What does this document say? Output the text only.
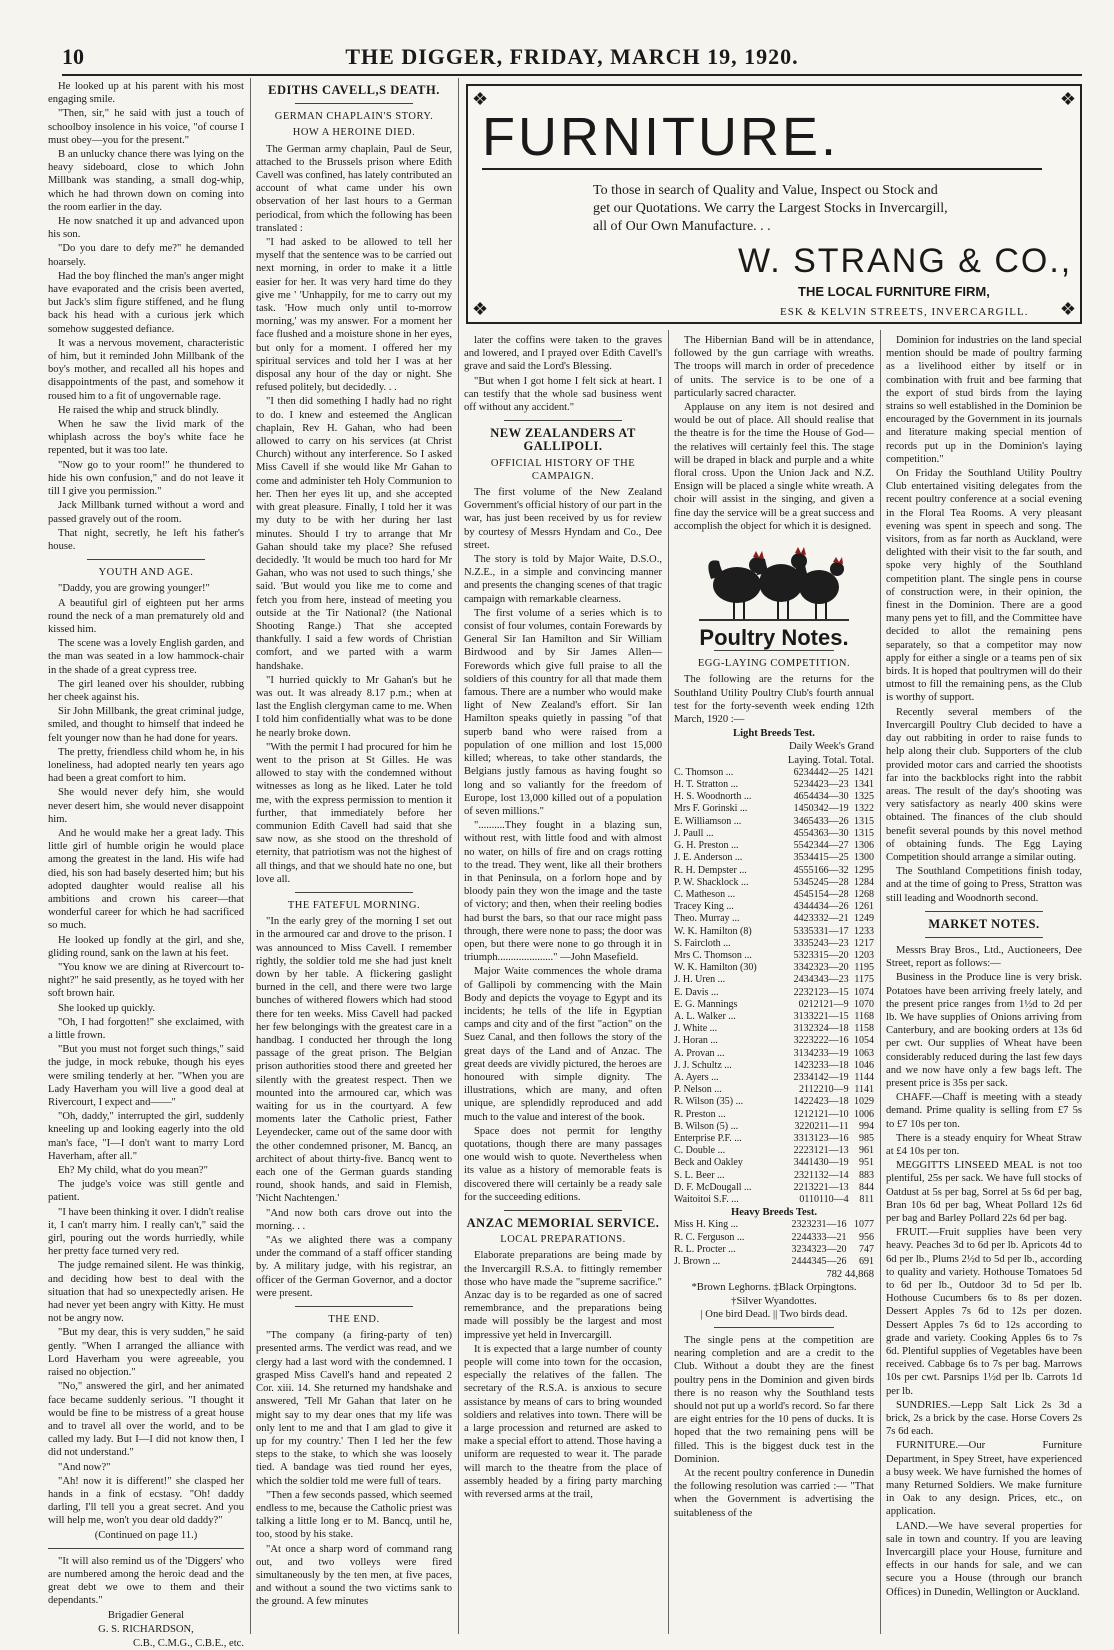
10	THE DIGGER, FRIDAY, MARCH 19, 1920.

He looked up at his parent with his most engaging smile.

"Then, sir," he said with just a touch of schoolboy insolence in his voice, "of course I must obey—you for the present."

B an unlucky chance there was lying on the heavy sideboard, close to which John Millbank was standing, a small dog-whip, which he had thrown down on coming into the room earlier in the day.

He now snatched it up and advanced upon his son.

"Do you dare to defy me?" he demanded hoarsely.

Had the boy flinched the man's anger might have evaporated and the crisis been averted, but Jack's slim figure stiffened, and he flung back his head with a curious jerk which somehow suggested defiance.

It was a nervous movement, characteristic of him, but it reminded John Millbank of the boy's mother, and recalled all his hopes and disappointments of the past, and somehow it roused him to a fit of ungovernable rage.

He raised the whip and struck blindly.

When he saw the livid mark of the whiplash across the boy's white face he repented, but it was too late.

"Now go to your room!" he thundered to hide his own confusion," and do not leave it till I give you permission."

Jack Millbank turned without a word and passed gravely out of the room.

That night, secretly, he left his father's house.

YOUTH AND AGE.

"Daddy, you are growing younger!"

A beautiful girl of eighteen put her arms round the neck of a man prematurely old and kissed him.

The scene was a lovely English garden, and the man was seated in a low hammock-chair in the shade of a great cypress tree.

The girl leaned over his shoulder, rubbing her cheek against his.

Sir John Millbank, the great criminal judge, smiled, and thought to himself that indeed he felt younger now than he had done for years.

The pretty, friendless child whom he, in his loneliness, had adopted nearly ten years ago had been a great comfort to him.

She would never defy him, she would never desert him, she would never disappoint him.

And he would make her a great lady. This little girl of humble origin he would place among the greatest in the land. His wife had died, his son had basely deserted him; but his adopted daughter would realise all his ambitions and crown his career—that wonderful career for which he had sacrificed so much.

He looked up fondly at the girl, and she, gliding round, sank on the lawn at his feet.

"You know we are dining at Rivercourt to-night?" he said presently, as he toyed with her soft brown hair.

She looked up quickly.

"Oh, I had forgotten!" she exclaimed, with a little frown.

"But you must not forget such things," said the judge, in mock rebuke, though his eyes were smiling tenderly at her. "When you are Lady Haverham you will live a good deal at Rivercourt, I expect and——"

"Oh, daddy," interrupted the girl, suddenly kneeling up and looking eagerly into the old man's face, "I—I don't want to marry Lord Haverham, after all."

Eh? My child, what do you mean?"

The judge's voice was still gentle and patient.

"I have been thinking it over. I didn't realise it, I can't marry him. I really can't," said the girl, pouring out the words hurriedly, while her pretty face turned very red.

The judge remained silent. He was thinkig, and deciding how best to deal with the situation that had so unexpectedly arisen. He had never yet been angry with Kitty. He must not be angry now.

"But my dear, this is very sudden," he said gently. "When I arranged the alliance with Lord Haverham you were agreeable, you raised no objection."

"No," answered the girl, and her animated face became suddenly serious. "I thought it would be fine to be mistress of a great house and to travel all over the world, and to be called my lady. But I—I did not know then, I did not understand."

"And now?"

"Ah! now it is different!" she clasped her hands in a fink of ecstasy. "Oh! daddy darling, I'll tell you a great secret. And you will help me, won't you dear old daddy?"

(Continued on page 11.)

"It will also remind us of the 'Diggers' who are numbered among the heroic dead and the great debt we owe to them and their dependants."

Brigadier General

G. S. RICHARDSON,

C.B., C.M.G., C.B.E., etc.

EDITHS CAVELL,S DEATH.
GERMAN CHAPLAIN'S STORY.
HOW A HEROINE DIED.

The German army chaplain, Paul de Seur, attached to the Brussels prison where Edith Cavell was confined, has lately contributed an account of what came under his own observation of her last hours to a German periodical, from which the following has been translated :

"I had asked to be allowed to tell her myself that the sentence was to be carried out next morning, in order to make it a little easier for her. It was very hard time do they give me ' 'Unhappily, for me to carry out my task. 'How much only until to-morrow morning,' was my answer. For a moment her face flushed and a moisture shone in her eyes, but only for a moment. I offered her my spiritual services and told her I was at her disposal any hour of the day or night. She refused politely, but decidedly. . .

"I then did something I hadly had no right to do. I knew and esteemed the Anglican chaplain, Rev H. Gahan, who had been allowed to carry on his services (at Christ Church) without any interference. So I asked Miss Cavell if she would like Mr Gahan to come and administer teh Holy Communion to her. Then her eyes lit up, and she accepted with great pleasure. Finally, I told her it was my duty to be with her during her last minutes. Should I try to arrange that Mr Gahan should take my place? She refused decidedly. 'It would be much too hard for Mr Gahan, who was not used to such things,' she said. 'But would you like me to come and fetch you from here, instead of meeting you outside at the Tir National? (the National Shooting Range.) That she accepted thankfully. I said a few words of Christian comfort, and we parted with a warm handshake.

"I hurried quickly to Mr Gahan's but he was out. It was already 8.17 p.m.; when at last the English clergyman came to me. When I told him confidentially what was to be done he nearly broke down.

"With the permit I had procured for him he went to the prison at St Gilles. He was allowed to stay with the condemned without witnesses as long as he liked. Later he told me, with the express permission to mention it further, that immediately before her communion Edith Cavell had said that she saw now, as she stood on the threshold of eternity, that patriotism was not the highest of all things, and that we should hate no one, but love all.

THE FATEFUL MORNING.

"In the early grey of the morning I set out in the armoured car and drove to the prison. I was announced to Miss Cavell. I remember rightly, the soldier told me she had just knelt down by her table. A flickering gaslight burned in the cell, and there were two large bunches of withered flowers which had stood there for ten weeks. Miss Cavell had packed her few belongings with the greatest care in a handbag. I conducted her through the long passage of the great prison. The Belgian prison authorities stood there and greeted her silently with the greatest respect. Then we mounted into the armoured car, which was waiting for us in the courtyard. A few moments later the Catholic priest, Father Leyendecker, came out of the same door with the other condemned prisoner, M. Bancq, an architect of about thirty-five. Bancq went to each one of the German guards standing round, shook hands, and said in Flemish, 'Nicht Nachtengen.'

"And now both cars drove out into the morning. . .

"As we alighted there was a company under the command of a staff officer standing by. A military judge, with his registrar, an officer of the German Governor, and a doctor were present.

THE END.

"The company (a firing-party of ten) presented arms. The verdict was read, and we clergy had a last word with the condemned. I grasped Miss Cavell's hand and repeated 2 Cor. xiii. 14. She returned my handshake and answered, 'Tell Mr Gahan that later on he might say to my dear ones that my life was only lent to me and that I am glad to give it up for my country.' Then I led her the few steps to the stake, to which she was loosely tied. A bandage was tied round her eyes, which the soldier told me were full of tears.

"Then a few seconds passed, which seemed endless to me, because the Catholic priest was talking a little long er to M. Bancq, until he, too, stood by his stake.

"At once a sharp word of command rang out, and two volleys were fired simultaneously by the ten men, at five paces, and without a sound the two victims sank to the ground. A few minutes

❖	❖
❖	❖
FURNITURE.
To those in search of Quality and Value, Inspect ou Stock and get our Quotations. We carry the Largest Stocks in Invercargill, all of Our Own Manufacture. . .
W. STRANG & CO.,
THE LOCAL FURNITURE FIRM,
ESK & KELVIN STREETS, INVERCARGILL.

later the coffins were taken to the graves and lowered, and I prayed over Edith Cavell's grave and said the Lord's Blessing.

"But when I got home I felt sick at heart. I can testify that the whole sad business went off without any accident."

NEW ZEALANDERS AT GALLIPOLI.
OFFICIAL HISTORY OF THE CAMPAIGN.

The first volume of the New Zealand Government's official history of our part in the war, has just been received by us for review by courtesy of Messrs Hyndam and Co., Dee street.

The story is told by Major Waite, D.S.O., N.Z.E., in a simple and convincing manner and presents the changing scenes of that tragic campaign with remarkable clearness.

The first volume of a series which is to consist of four volumes, contain Forewards by General Sir Ian Hamilton and Sir William Birdwood and by Sir James Allen—Forewords which give full praise to all the soldiers of this country for all that made them famous. There are a number who would make light of New Zealand's effort. Sir Ian Hamilton speaks quietly in passing "of that superb band who were raised from a population of one million and lost 15,000 killed; whereas, to take other standards, the Belgians justly famous as having fought so long and so valiantly for the freedom of Europe, lost 13,000 killed out of a population of seven millions."

"..........They fought in a blazing sun, without rest, with little food and with almost no water, on hills of fire and on crags rotting to the tread. They went, like all their brothers in that Peninsula, on a forlorn hope and by bloody pain they won the image and the taste of victory; and then, when their reeling bodies had burst the bars, so that our race might pass through, there were none to pass; the door was open, but there were none to go through it in triumph....................." —John Masefield.

Major Waite commences the whole drama of Gallipoli by commencing with the Main Body and depicts the voyage to Egypt and its incidents; he tells of the life in Egyptian camps and city and of the first "action" on the Suez Canal, and then follows the story of the great days of the Land and of Anzac. The great deeds are vividly pictured, the heroes are honoured with simple dignity. The illustrations, which are many, and often unique, are splendidly reproduced and add much to the value and interest of the book.

Space does not permit for lengthy quotations, though there are many passages one would wish to quote. Nevertheless when its value as a history of memorable feats is discovered there will certainly be a ready sale for the succeeding editions.

ANZAC MEMORIAL SERVICE.
LOCAL PREPARATIONS.

Elaborate preparations are being made by the Invercargill R.S.A. to fittingly remember those who have made the "supreme sacrifice." Anzac day is to be regarded as one of sacred remembrance, and the preparations being made will possibly be the largest and most impressive yet held in Invercargill.

It is expected that a large number of county people will come into town for the occasion, especially the relatives of the fallen. The secretary of the R.S.A. is anxious to secure assistance by means of cars to bring wounded soldiers and relatives into town. There will be a large procession and returned are asked to make a special effort to attend. Those having a uniform are requested to wear it. The parade will march to the theatre from the place of assembly headed by a firing party marching with reversed arms at the trail,

The Hibernian Band will be in attendance, followed by the gun carriage with wreaths. The troops will march in order of precedence of units. The service is to be one of a particularly sacred character.

Applause on any item is not desired and would be out of place. All should realise that the theatre is for the time the House of God—the relatives will certainly feel this. The stage will be draped in black and purple and a white floral cross. Upon the Union Jack and N.Z. Ensign will be placed a single white wreath. A choir will assist in the singing, and given a fine day the service will be a great success and accomplish the object for which it is designed.

Poultry Notes.
EGG-LAYING COMPETITION.

The following are the returns for the Southland Utility Poultry Club's fourth annual test for the forty-seventh week ending 12th March, 1920 :—

Light Breeds Test.
Daily Week's Grand
Laying. Total. Total.
C. Thomson ...	6234442—25	1421
H. T. Stratton ...	5234423—23	1341
H. S. Woodnorth ...	4654434—30	1325
Mrs F. Gorinski ...	1450342—19	1322
E. Williamson ...	3465433—26	1315
J. Paull ...	4554363—30	1315
G. H. Preston ...	5542344—27	1306
J. E. Anderson ...	3534415—25	1300
R. H. Dempster ...	4555166—32	1295
P. W. Shacklock ...	5345245—28	1284
C. Matheson ...	4545154—28	1268
Tracey King ...	4344434—26	1261
Theo. Murray ...	4423332—21	1249
W. K. Hamilton (8)	5335331—17	1233
S. Faircloth ...	3335243—23	1217
Mrs C. Thomson ...	5323315—20	1203
W. K. Hamilton (30)	3342323—20	1195
J. H. Uren ...	2434343—23	1175
E. Davis ...	2232123—15	1074
E. G. Mannings	0212121—9	1070
A. L. Walker ...	3133221—15	1168
J. White ...	3132324—18	1158
J. Horan ...	3223222—16	1054
A. Provan ...	3134233—19	1063
J. J. Schultz ...	1423233—18	1046
A. Ayers ...	2334142—19	1144
P. Nelson ...	2112210—9	1141
R. Wilson (35) ...	1422423—18	1029
R. Preston ...	1212121—10	1006
B. Wilson (5) ...	3220211—11	994
Enterprise P.F. ...	3313123—16	985
C. Double ...	2223121—13	961
Beck and Oakley	3441430—19	951
S. L. Beer ...	2321132—14	883
D. F. McDougall ...	2213221—13	844
Waitoitoi S.F. ...	0110110—4	811
Heavy Breeds Test.
Miss H. King ...	2323231—16	1077
R. C. Ferguson ...	2244333—21	956
R. L. Procter ...	3234323—20	747
J. Brown ...	2444345—26	691
782 44,868
*Brown Leghorns. ‡Black Orpingtons.
†Silver Wyandottes.
| One bird Dead. || Two birds dead.

The single pens at the competition are nearing completion and are a credit to the Club. Without a doubt they are the finest poultry pens in the Dominion and given birds there is no reason why the Southland tests should not put up a world's record. So far there are eight entries for the 10 pens of ducks. It is hoped that the two remaining pens will be filled. This is the biggest duck test in the Dominion.

At the recent poultry conference in Dunedin the following resolution was carried :— "That when the Government is advertising the suitableness of the

Dominion for industries on the land special mention should be made of poultry farming as a livelihood either by itself or in combination with fruit and bee farming that the export of stud birds from the laying strains so well established in the Dominion be encouraged by the Government in its journals and literature making special mention of records put up in the Dominion's laying competition."

On Friday the Southland Utility Poultry Club entertained visiting delegates from the recent poultry conference at a social evening in the Floral Tea Rooms. A very pleasant evening was spent in speech and song. The visitors, from as far north as Auckland, were delighted with their visit to the far south, and spoke very highly of the Southland competition plant. The single pens in course of construction were, in their opinion, the finest in the Dominion. There are a good many pens yet to fill, and the Committee have decided to allot the remaining pens separately, so that a competitor may now apply for either a single or a teams pen of six birds. It is hoped that poultrymen will do their utmost to fill the remaining pens, as the Club is worthy of support.

Recently several members of the Invercargill Poultry Club decided to have a day out rabbiting in order to raise funds to help along their club. Supporters of the club provided motor cars and carried the shootists far into the backblocks right into the rabbit areas. The result of the day's shooting was very satisfactory as nearly 400 skins were obtained. The finances of the club should benefit several pounds by this novel method of obtaining funds. The Egg Laying Competition should arrange a similar outing.

The Southland Competitions finish today, and at the time of going to Press, Stratton was still leading and Woodnorth second.

MARKET NOTES.

Messrs Bray Bros., Ltd., Auctioneers, Dee Street, report as follows:—

Business in the Produce line is very brisk. Potatoes have been arriving freely lately, and the present price ranges from 1½d to 2d per lb. We have supplies of Onions arriving from Canterbury, and are booking orders at 13s 6d per cwt. Our supplies of Wheat have been considerably reduced during the last few days and we now have only a few bags left. The present price is 35s per sack.

CHAFF.—Chaff is meeting with a steady demand. Prime quality is selling from £7 5s to £7 10s per ton.

There is a steady enquiry for Wheat Straw at £4 10s per ton.

MEGGITTS LINSEED MEAL is not too plentiful, 25s per sack. We have full stocks of Oatdust at 5s per bag, Sorrel at 5s 6d per bag, Bran 10s 6d per bag, Wheat Pollard 12s 6d per bag and Barley Pollard 22s 6d per bag.

FRUIT.—Fruit supplies have been very heavy. Peaches 3d to 6d per lb. Apricots 4d to 6d per lb., Plums 2½d to 5d per lb., according to quality and variety. Hothouse Tomatoes 5d to 6d per lb., Outdoor 3d to 5d per lb. Hothouse Cucumbers 6s to 8s per dozen. Dessert Apples 7s 6d to 12s per dozen. Dessert Apples 7s 6d to 12s according to grade and variety. Cooking Apples 6s to 7s 6d. Plentiful supplies of Vegetables have been received. Cabbage 6s to 7s per bag. Marrows 10s per cwt. Parsnips 1½d per lb. Carrots 1d per lb.

SUNDRIES.—Lepp Salt Lick 2s 3d a brick, 2s a brick by the case. Horse Covers 2s 7s 6d each.

FURNITURE.—Our Furniture Department, in Spey Street, have experienced a busy week. We have furnished the homes of many Returned Soldiers. We make furniture in Oak to any design. Prices, etc., on application.

LAND.—We have several properties for sale in town and country. If you are leaving Invercargill place your House, furniture and effects in our hands for sale, and we can secure you a House (through our branch Offices) in Dunedin, Wellington or Auckland.
